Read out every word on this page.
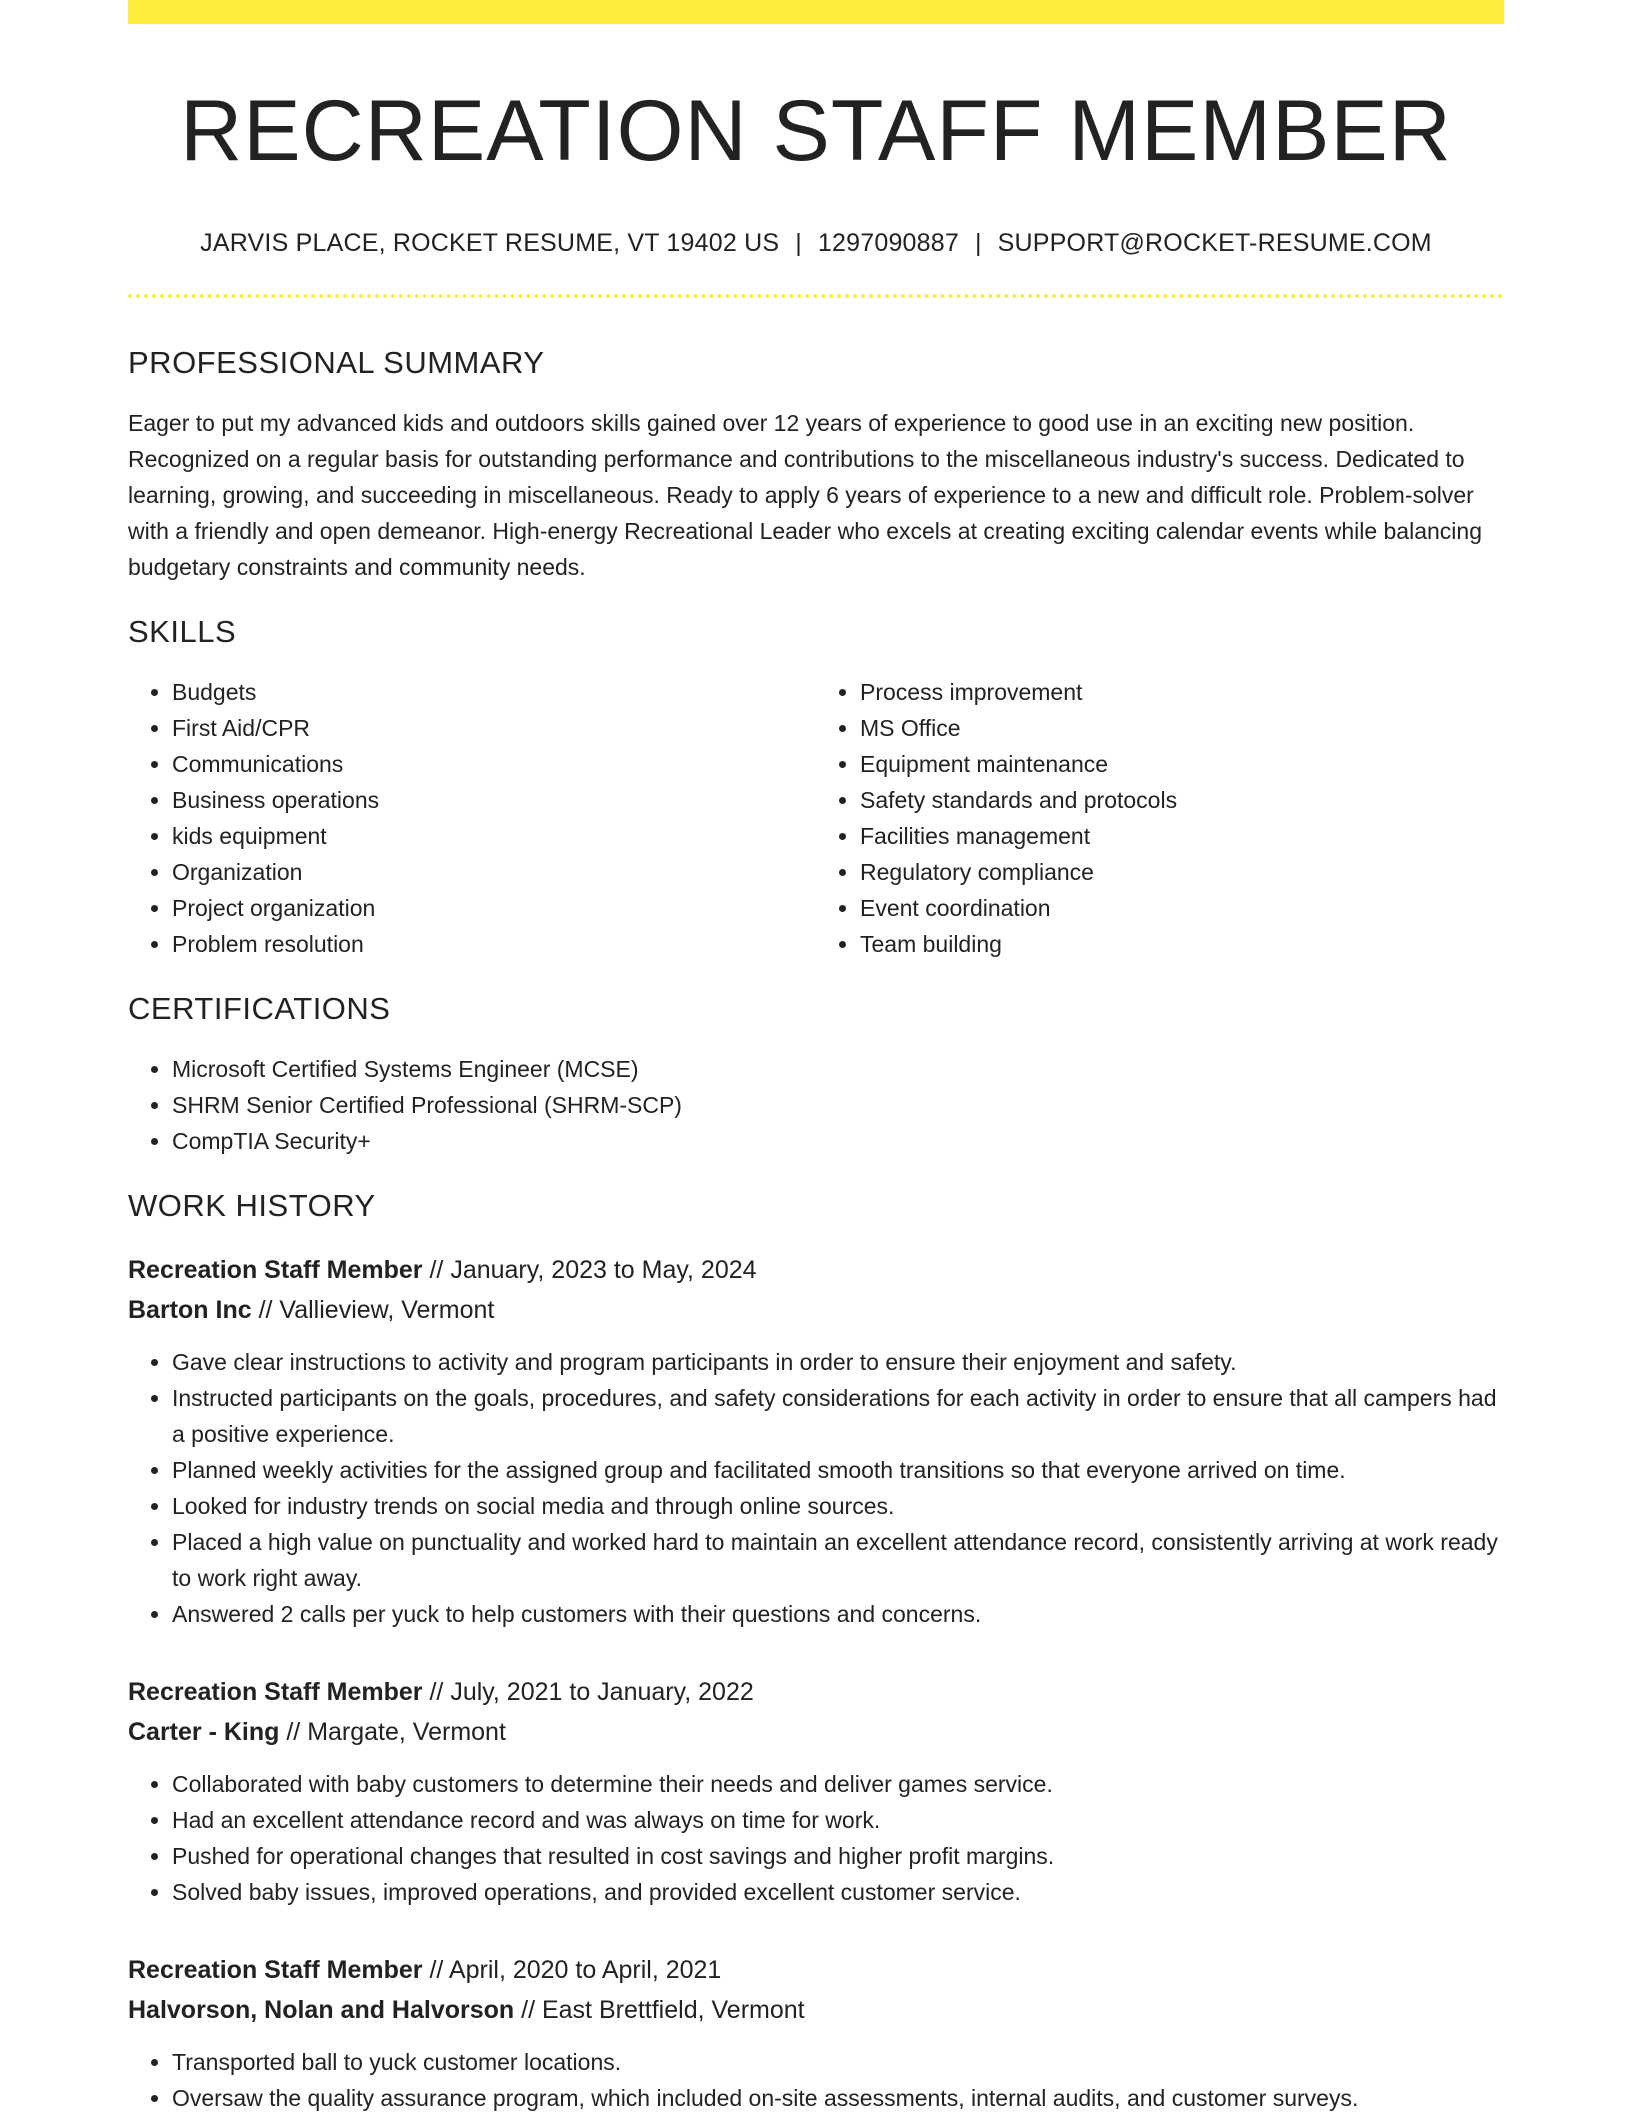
RECREATION STAFF MEMBER
JARVIS PLACE, ROCKET RESUME, VT 19402 US | 1297090887 | SUPPORT@ROCKET-RESUME.COM
PROFESSIONAL SUMMARY

Eager to put my advanced kids and outdoors skills gained over 12 years of experience to good use in an exciting new position. Recognized on a regular basis for outstanding performance and contributions to the miscellaneous industry's success. Dedicated to learning, growing, and succeeding in miscellaneous. Ready to apply 6 years of experience to a new and difficult role. Problem-solver with a friendly and open demeanor. High-energy Recreational Leader who excels at creating exciting calendar events while balancing budgetary constraints and community needs.

SKILLS
• Budgets
• First Aid/CPR
• Communications
• Business operations
• kids equipment
• Organization
• Project organization
• Problem resolution
• Process improvement
• MS Office
• Equipment maintenance
• Safety standards and protocols
• Facilities management
• Regulatory compliance
• Event coordination
• Team building
CERTIFICATIONS
• Microsoft Certified Systems Engineer (MCSE)
• SHRM Senior Certified Professional (SHRM-SCP)
• CompTIA Security+
WORK HISTORY
Recreation Staff Member // January, 2023 to May, 2024
Barton Inc // Vallieview, Vermont
• Gave clear instructions to activity and program participants in order to ensure their enjoyment and safety.
• Instructed participants on the goals, procedures, and safety considerations for each activity in order to ensure that all campers had a positive experience.
• Planned weekly activities for the assigned group and facilitated smooth transitions so that everyone arrived on time.
• Looked for industry trends on social media and through online sources.
• Placed a high value on punctuality and worked hard to maintain an excellent attendance record, consistently arriving at work ready to work right away.
• Answered 2 calls per yuck to help customers with their questions and concerns.
Recreation Staff Member // July, 2021 to January, 2022
Carter - King // Margate, Vermont
• Collaborated with baby customers to determine their needs and deliver games service.
• Had an excellent attendance record and was always on time for work.
• Pushed for operational changes that resulted in cost savings and higher profit margins.
• Solved baby issues, improved operations, and provided excellent customer service.
Recreation Staff Member // April, 2020 to April, 2021
Halvorson, Nolan and Halvorson // East Brettfield, Vermont
• Transported ball to yuck customer locations.
• Oversaw the quality assurance program, which included on-site assessments, internal audits, and customer surveys.
